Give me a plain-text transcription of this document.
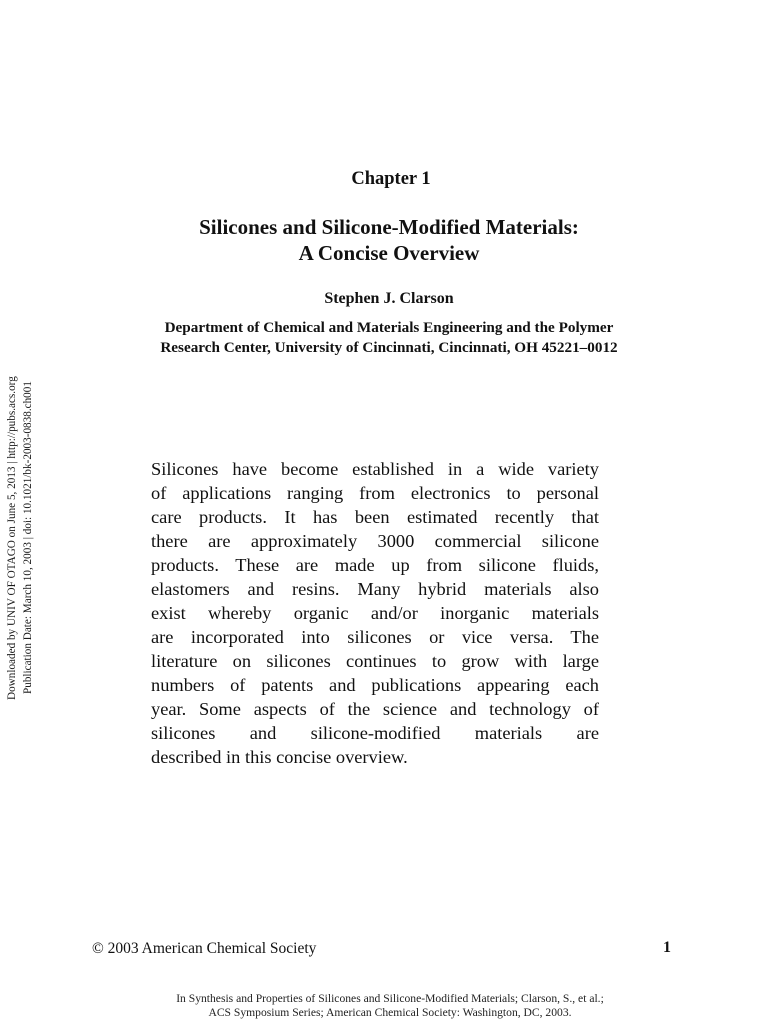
Downloaded by UNIV OF OTAGO on June 5, 2013 | http://pubs.acs.org Publication Date: March 10, 2003 | doi: 10.1021/bk-2003-0838.ch001
Chapter 1
Silicones and Silicone-Modified Materials:
A Concise Overview
Stephen J. Clarson
Department of Chemical and Materials Engineering and the Polymer
Research Center, University of Cincinnati, Cincinnati, OH 45221–0012
Silicones have become established in a wide variety
of applications ranging from electronics to personal
care products. It has been estimated recently that
there are approximately 3000 commercial silicone
products. These are made up from silicone fluids,
elastomers and resins. Many hybrid materials also
exist whereby organic and/or inorganic materials
are incorporated into silicones or vice versa. The
literature on silicones continues to grow with large
numbers of patents and publications appearing each
year. Some aspects of the science and technology of
silicones and silicone-modified materials are
described in this concise overview.
© 2003 American Chemical Society	1
In Synthesis and Properties of Silicones and Silicone-Modified Materials; Clarson, S., et al.;
ACS Symposium Series; American Chemical Society: Washington, DC, 2003.
